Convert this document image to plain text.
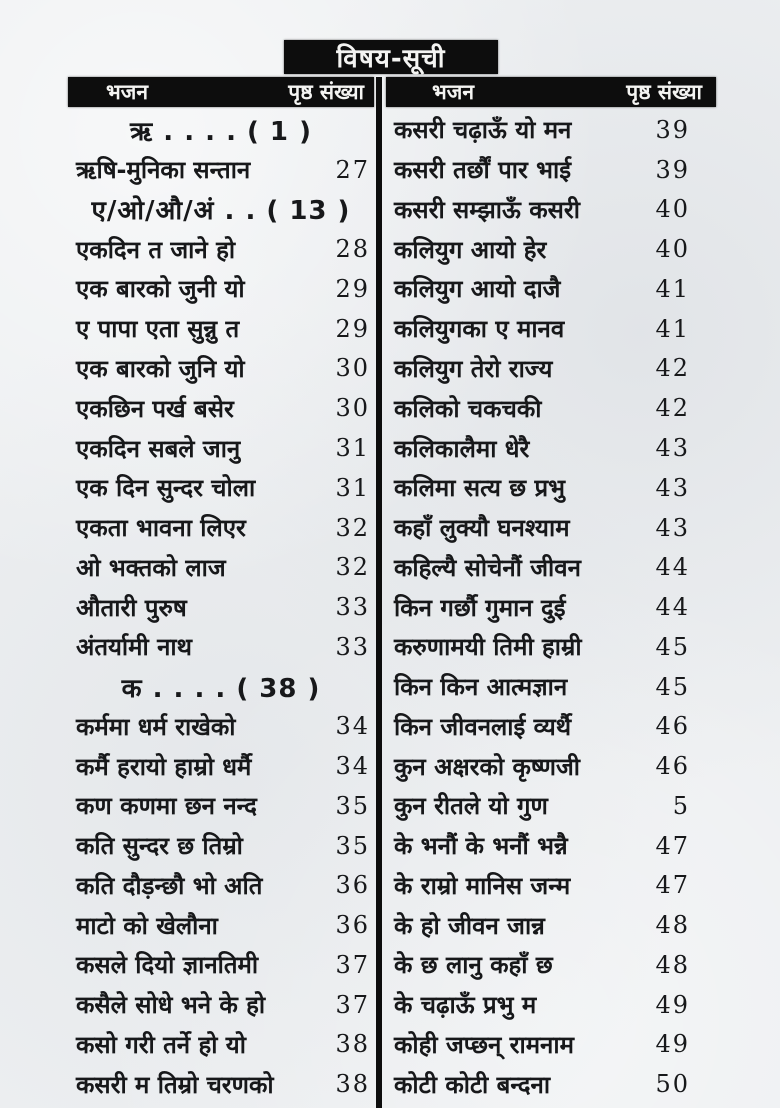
विषय-सूची
भजन	पृष्ठ संख्या	भजन	पृष्ठ संख्या
ऋ . . . . ( 1 )
ऋषि-मुनिका सन्तान	27
ए/ओ/औ/अं . . ( 13 )
एकदिन त जाने हो	28
एक बारको जुनी यो	29
ए पापा एता सुन्नु त	29
एक बारको जुनि यो	30
एकछिन पर्ख बसेर	30
एकदिन सबले जानु	31
एक दिन सुन्दर चोला	31
एकता भावना लिएर	32
ओ भक्तको लाज	32
औतारी पुरुष	33
अंतर्यामी नाथ	33
क . . . . ( 38 )
कर्ममा धर्म राखेको	34
कर्मै हरायो हाम्रो धर्मै	34
कण कणमा छन नन्द	35
कति सुन्दर छ तिम्रो	35
कति दौड़न्छौ भो अति	36
माटो को खेलौना	36
कसले दियो ज्ञानतिमी	37
कसैले सोधे भने के हो	37
कसो गरी तर्ने हो यो	38
कसरी म तिम्रो चरणको	38
कसरी चढ़ाऊँ यो मन	39
कसरी तर्छौं पार भाई	39
कसरी सम्झाऊँ कसरी	40
कलियुग आयो हेर	40
कलियुग आयो दाजै	41
कलियुगका ए मानव	41
कलियुग तेरो राज्य	42
कलिको चकचकी	42
कलिकालैमा धेरै	43
कलिमा सत्य छ प्रभु	43
कहाँ लुक्यौ घनश्याम	43
कहिल्यै सोचेनौं जीवन	44
किन गर्छौ गुमान दुई	44
करुणामयी तिमी हाम्री	45
किन किन आत्मज्ञान	45
किन जीवनलाई व्यर्थै	46
कुन अक्षरको कृष्णजी	46
कुन रीतले यो गुण	5
के भनौं के भनौं भन्नै	47
के राम्रो मानिस जन्म	47
के हो जीवन जान्न	48
के छ लानु कहाँ छ	48
के चढ़ाऊँ प्रभु म	49
कोही जप्छन् रामनाम	49
कोटी कोटी बन्दना	50
